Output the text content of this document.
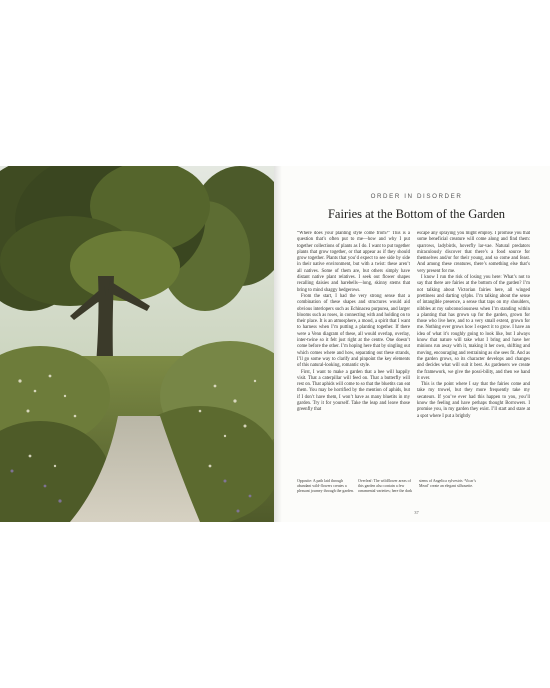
ORDER IN DISORDER
Fairies at the Bottom of the Garden

“Where does your planting style come from?” This is a question that’s often put to me—how and why I put together collections of plants as I do. I want to put together plants that grow together, or that appear as if they should grow together. Plants that you’d expect to see side by side in their native environment, but with a twist: these aren’t all natives. Some of them are, but others simply have distant native plant relatives. I seek out flower shapes recalling daisies and harebells—long, skinny stems that bring to mind shaggy hedgerows.

From the start, I had the very strong sense that a combination of these shapes and structures would aid obvious interlopers such as Echinacea purpurea, and larger blooms such as roses, in connecting with and holding on to their place. It is an atmosphere, a mood, a spirit that I want to harness when I’m putting a planting together. If there were a Venn diagram of these, all would overlap, overlay, inter-twine so it felt just right at the centre. One doesn’t come before the other. I’m hoping here that by singling out which comes where and how, separating out these strands, I’ll go some way to clarify and pinpoint the key elements of this natural-looking, romantic style.

First, I want to make a garden that a bee will happily visit. That a caterpillar will feed on. That a butterfly will rest on. That aphids will come to so that the bluetits can eat them. You may be horrified by the mention of aphids, but if I don’t have them, I won’t have as many bluetits in my garden. Try it for yourself. Take the leap and leave those greenfly that

escape any spraying you might employ. I promise you that some beneficial creature will come along and find them: sparrows, ladybirds, hoverfly lar-vae. Natural predators miraculously discover that there’s a food source for themselves and/or for their young, and so come and feast. And among these creatures, there’s something else that’s very present for me.

I know I run the risk of losing you here: What’s not to say that there are fairies at the bottom of the garden? I’m not talking about Victorian fairies here, all winged prettiness and darting sylphs. I’m talking about the sense of intangible presence, a sense that taps on my shoulders, nibbles at my subconsciousness when I’m standing within a planting that has grown up for the garden, grown for those who live here, and to a very small extent, grown for me. Nothing ever grows how I expect it to grow. I have an idea of what it’s roughly going to look like, but I always know that nature will take what I bring and have her minions run away with it, making it her own, shifting and moving, encouraging and restraining as she sees fit. And as the garden grows, so its character develops and changes and decides what will suit it best. As gardeners we create the framework, we give the possi-bility, and then we hand it over.

This is the point where I say that the fairies come and take my trowel, but they more frequently take my secateurs. If you’ve ever had this happen to you, you’ll know the feeling and have perhaps thought Borrowers. I promise you, in my garden they exist. I’ll start and stare at a spot where I put a brightly

Opposite: A path laid through abundant wild-flowers creates a pleasant journey through the garden.
Overleaf: The wildflower areas of this garden also contain a few ornamental varieties; here the dark
stems of Angelica sylvestris ‘Vicar’s Mead’ create an elegant silhouette.
37
